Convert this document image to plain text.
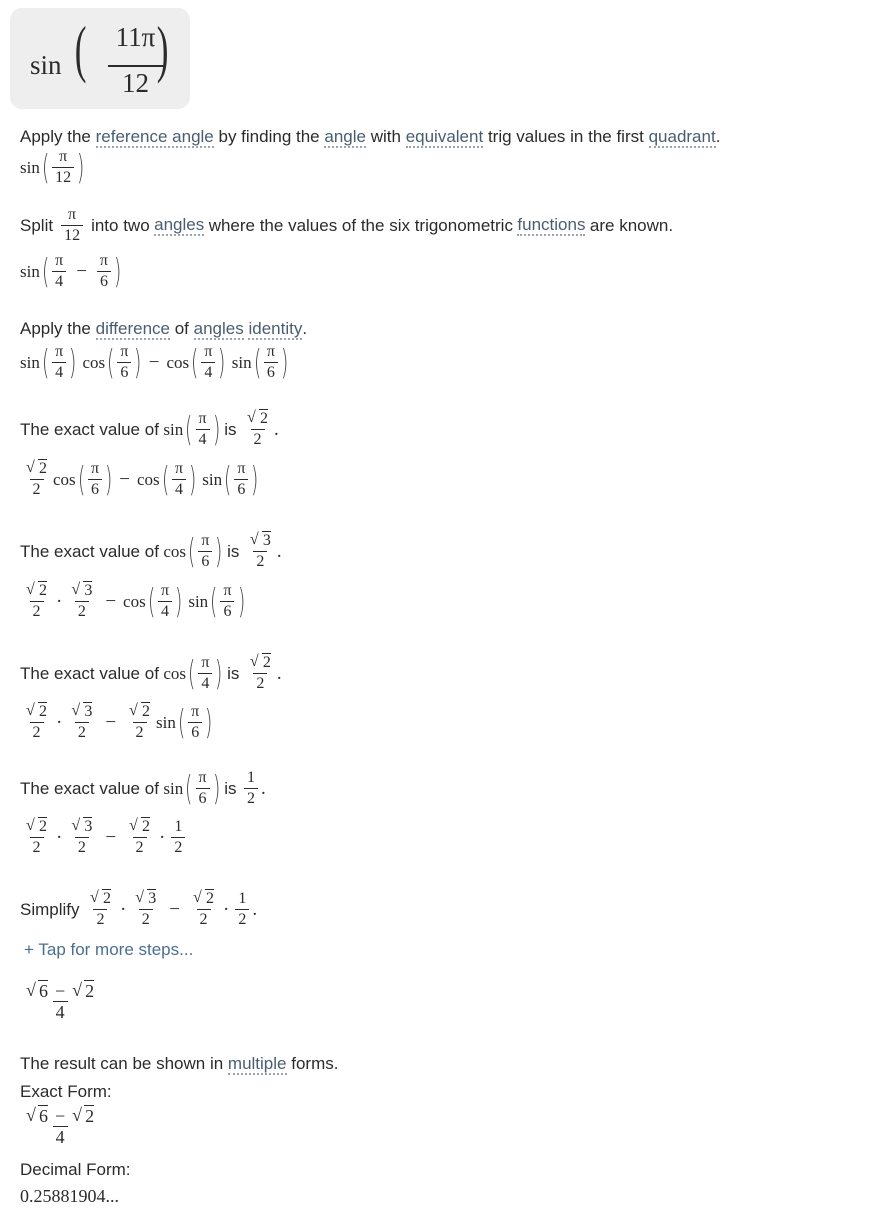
sin ( 11π
12 )
Apply the reference angle by finding the angle with equivalent trig values in the first quadrant.
sin ( $\frac{\pi}{12}$ )
Split $\frac{\pi}{12}$ into two
angles
where the values of the six trigonometric
functions
are known.
sin ( $\frac{\pi}{4} - \frac{\pi}{6}$ )
Apply the difference of angles identity.
sin ( $\frac{\pi}{4}$ ) cos ( $\frac{\pi}{6}$ ) − cos ( $\frac{\pi}{4}$ ) sin ( $\frac{\pi}{6}$ )
The exact value of
sin ( $\frac{\pi}{4}$ )
is
√ $\frac{2}{2}$ .
√ $\frac{2}{2}$ cos ( $\frac{\pi}{6}$ ) − cos ( $\frac{\pi}{4}$ ) sin ( $\frac{\pi}{6}$ )
The exact value of
cos ( $\frac{\pi}{6}$ )
is
√ $\frac{3}{2}$ .
√ $\frac{2}{2}$ · √ $\frac{3}{2} - \cos$ ( $\frac{\pi}{4}$ ) sin ( $\frac{\pi}{6}$ )
The exact value of
cos ( $\frac{\pi}{4}$ )
is
√ $\frac{2}{2}$ .
√ $\frac{2}{2}$ · √ $\frac{3}{2}$ − √ $\frac{2}{2}$ sin ( $\frac{\pi}{6}$ )
The exact value of
sin ( $\frac{\pi}{6}$ )
is
$\frac{1}{2}$ .
√ $\frac{2}{2}$ · √ $\frac{3}{2}$ − √ $\frac{2}{2} \cdot \frac{1}{2}$
Simplify
√ $\frac{2}{2}$ · √ $\frac{3}{2}$ − √ $\frac{2}{2} \cdot \frac{1}{2}$ .
+ Tap for more steps...
√ $\frac{6 - √ 2}{4}$
The result can be shown in multiple forms.
Exact Form:
√ $\frac{6 - √ 2}{4}$
Decimal Form:
0.25881904...
